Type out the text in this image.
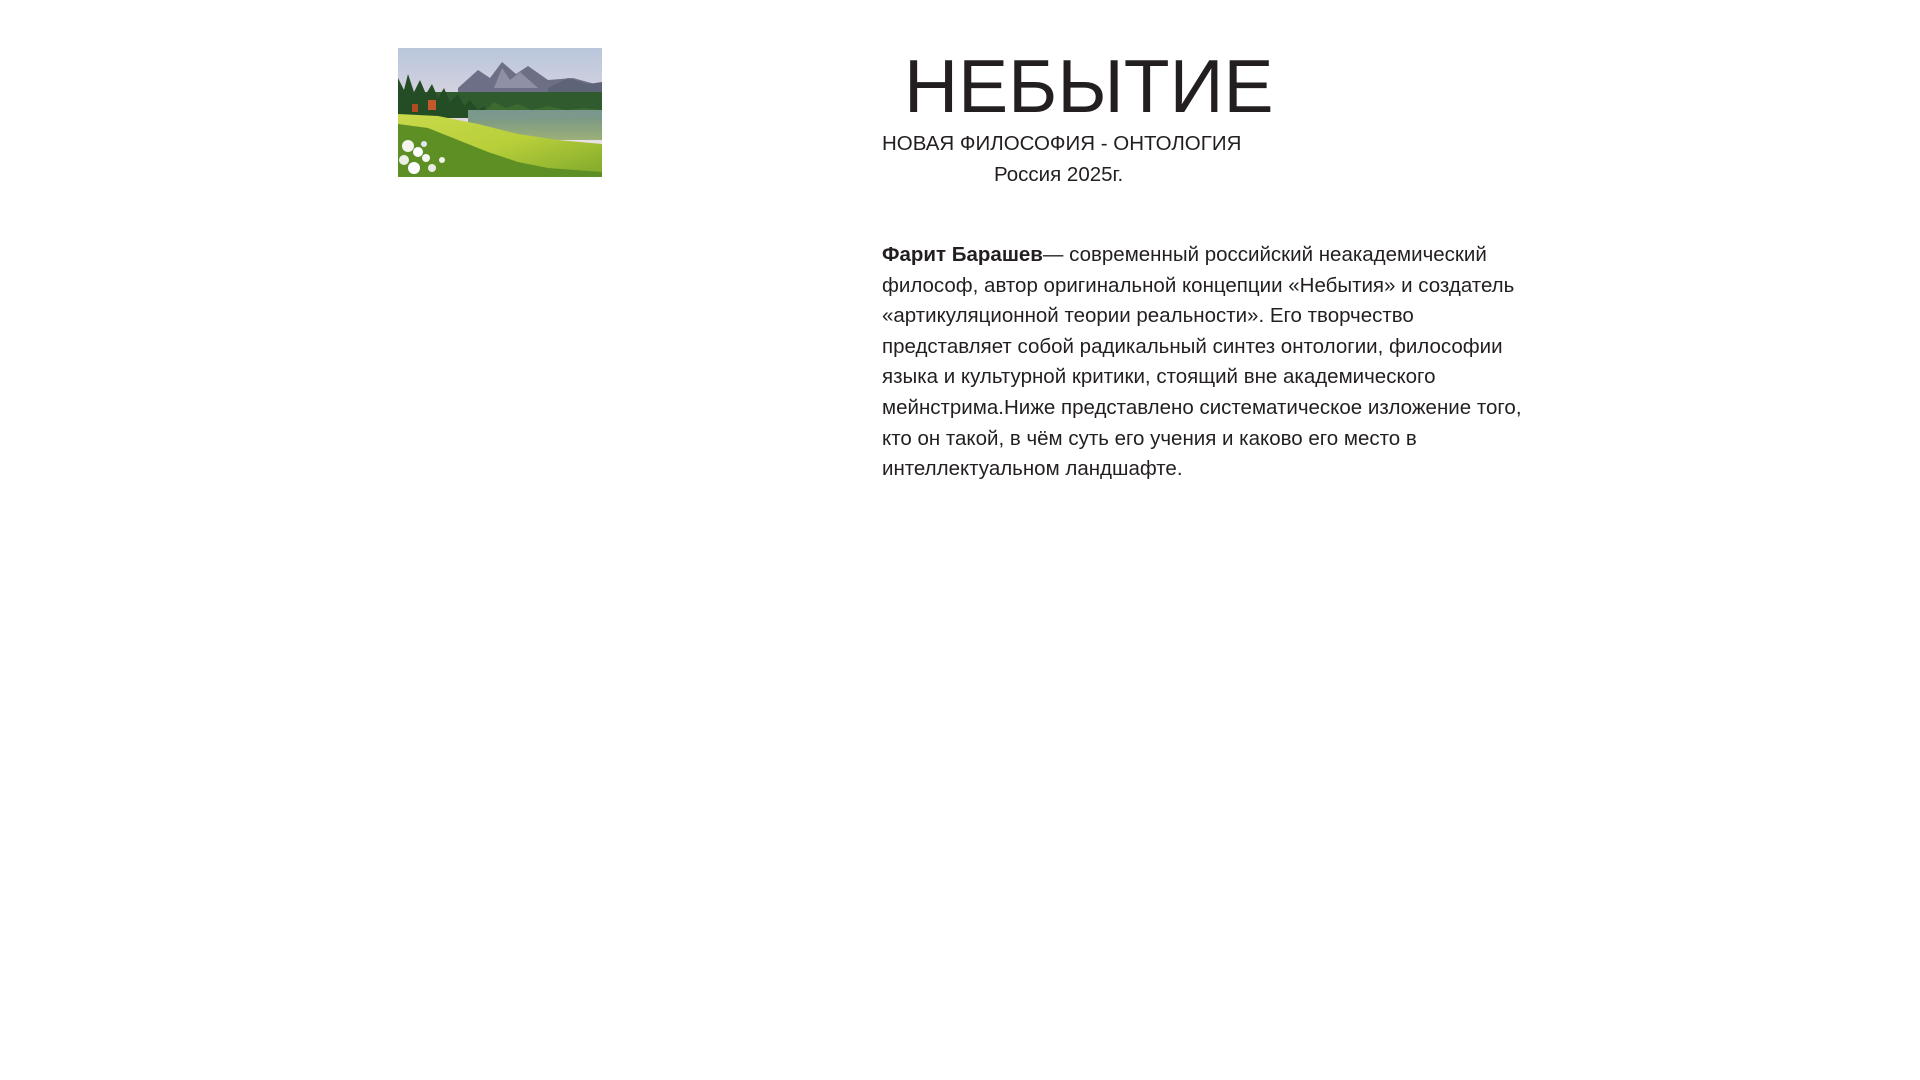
НЕБЫТИЕ

НОВАЯ ФИЛОСОФИЯ - ОНТОЛОГИЯ

Россия 2025г.

Фарит Барашев— современный российский неакадемический философ, автор оригинальной концепции «Небытия» и создатель «артикуляционной теории реальности». Его творчество представляет собой радикальный синтез онтологии, философии языка и культурной критики, стоящий вне академического мейнстрима.Ниже представлено систематическое изложение того, кто он такой, в чём суть его учения и каково его место в интеллектуальном ландшафте.
